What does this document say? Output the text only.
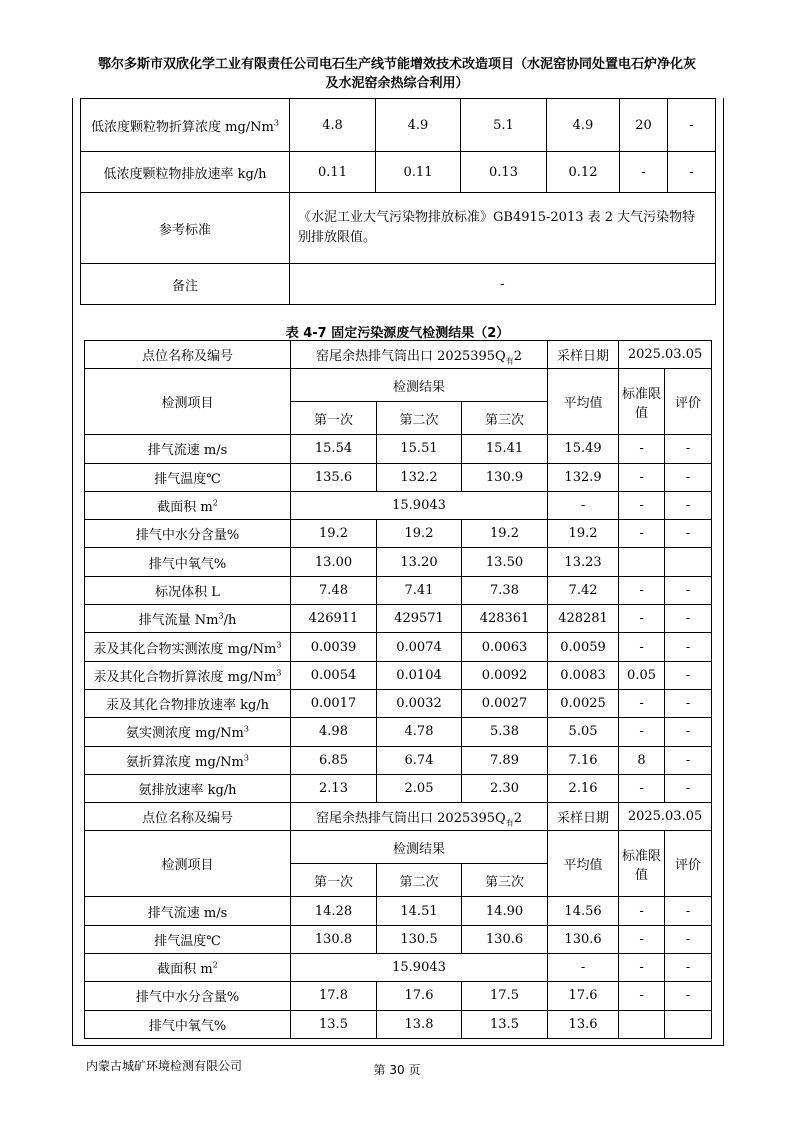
鄂尔多斯市双欣化学工业有限责任公司电石生产线节能增效技术改造项目（水泥窑协同处置电石炉净化灰
及水泥窑余热综合利用）
低浓度颗粒物折算浓度 mg/Nm$^3$	4.8	4.9	5.1	4.9	20	-
低浓度颗粒物排放速率 kg/h	0.11	0.11	0.13	0.12	-	-
参考标准	《水泥工业大气污染物排放标准》GB4915-2013 表 2 大气污染物特别排放限值。					
备注	-					
表 4-7 固定污染源废气检测结果（2）
点位名称及编号	窑尾余热排气筒出口 $2025395Q_有2$			采样日期	2025.03.05	
检测项目	检测结果			平均值	标准限值	评价
	第一次	第二次	第三次			
排气流速 m/s	15.54	15.51	15.41	15.49	-	-
排气温度℃	135.6	132.2	130.9	132.9	-	-
截面积 $m^2$	15.9043			-	-	-
排气中水分含量%	19.2	19.2	19.2	19.2	-	-
排气中氧气%	13.00	13.20	13.50	13.23		
标况体积 L	7.48	7.41	7.38	7.42	-	-
排气流量 Nm$^3$/h	426911	429571	428361	428281	-	-
汞及其化合物实测浓度 mg/Nm$^3$	0.0039	0.0074	0.0063	0.0059	-	-
汞及其化合物折算浓度 mg/Nm$^3$	0.0054	0.0104	0.0092	0.0083	0.05	-
汞及其化合物排放速率 kg/h	0.0017	0.0032	0.0027	0.0025	-	-
氨实测浓度 mg/Nm$^3$	4.98	4.78	5.38	5.05	-	-
氨折算浓度 mg/Nm$^3$	6.85	6.74	7.89	7.16	8	-
氨排放速率 kg/h	2.13	2.05	2.30	2.16	-	-
点位名称及编号	窑尾余热排气筒出口 $2025395Q_有2$			采样日期	2025.03.05	
检测项目	检测结果			平均值	标准限值	评价
	第一次	第二次	第三次			
排气流速 m/s	14.28	14.51	14.90	14.56	-	-
排气温度℃	130.8	130.5	130.6	130.6	-	-
截面积 $m^2$	15.9043			-	-	-
排气中水分含量%	17.8	17.6	17.5	17.6	-	-
排气中氧气%	13.5	13.8	13.5	13.6		
内蒙古城矿环境检测有限公司	第 30 页
